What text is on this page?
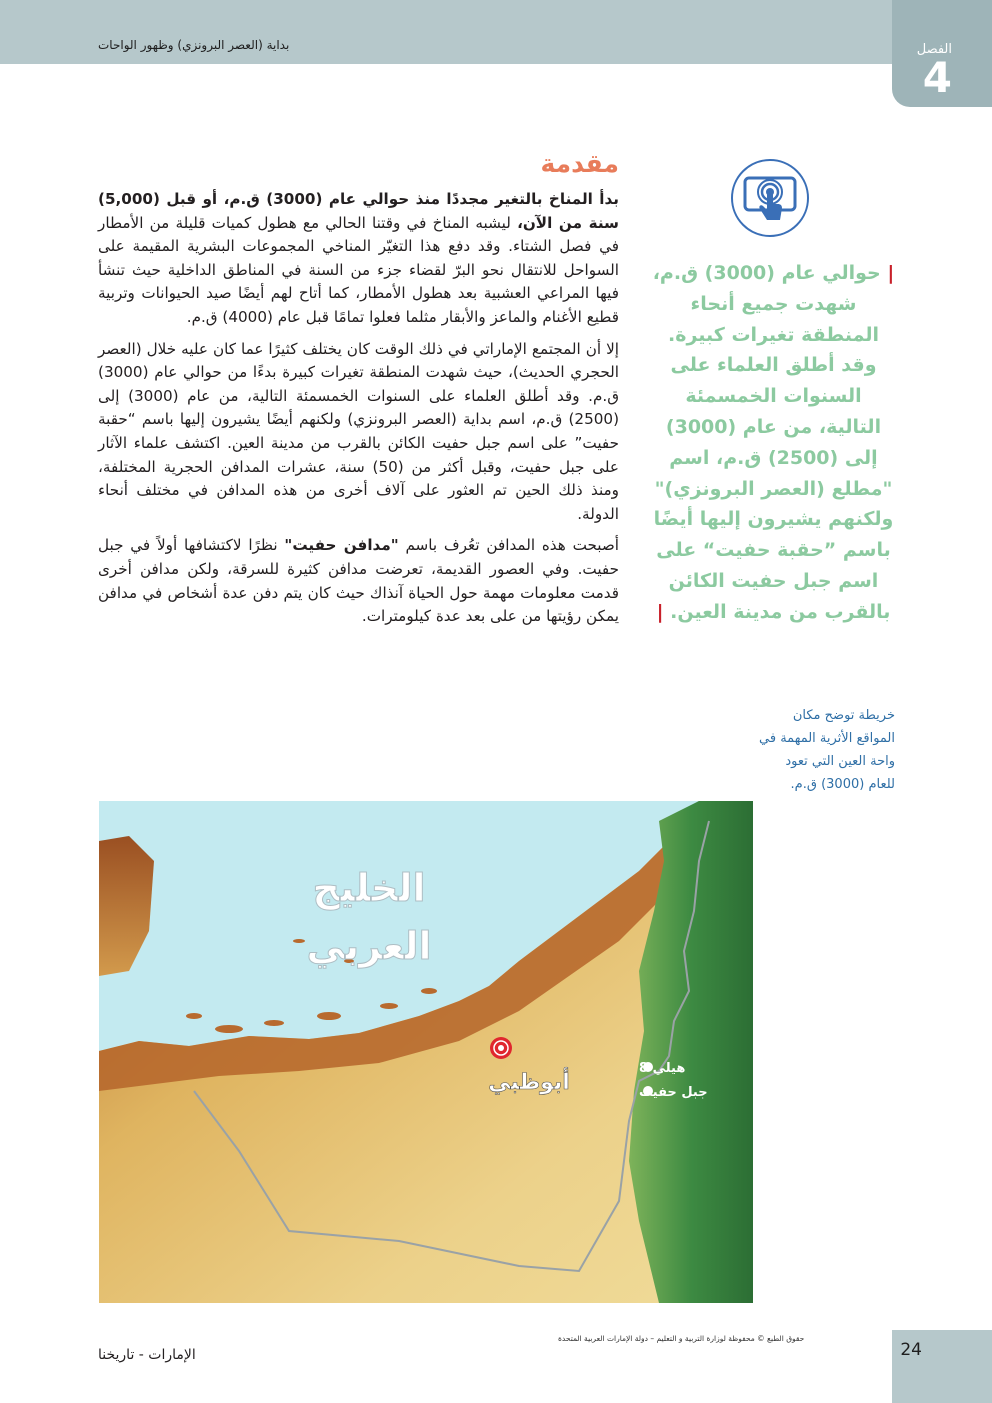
بداية (العصر البرونزي) وظهور الواحات	الفصل
4
مقدمة

بدأ المناخ بالتغير مجددًا منذ حوالي عام (3000) ق.م، أو قبل (5,000) سنة من الآن، ليشبه المناخ في وقتنا الحالي مع هطول كميات قليلة من الأمطار في فصل الشتاء. وقد دفع هذا التغيّر المناخي المجموعات البشرية المقيمة على السواحل للانتقال نحو البرّ لقضاء جزء من السنة في المناطق الداخلية حيث تنشأ فيها المراعي العشبية بعد هطول الأمطار، كما أتاح لهم أيضًا صيد الحيوانات وتربية قطيع الأغنام والماعز والأبقار مثلما فعلوا تمامًا قبل عام (4000) ق.م.

إلا أن المجتمع الإماراتي في ذلك الوقت كان يختلف كثيرًا عما كان عليه خلال (العصر الحجري الحديث)، حيث شهدت المنطقة تغيرات كبيرة بدءًا من حوالي عام (3000) ق.م. وقد أطلق العلماء على السنوات الخمسمئة التالية، من عام (3000) إلى (2500) ق.م، اسم بداية (العصر البرونزي) ولكنهم أيضًا يشيرون إليها باسم “حقبة حفيت” على اسم جبل حفيت الكائن بالقرب من مدينة العين. اكتشف علماء الآثار على جبل حفيت، وقبل أكثر من (50) سنة، عشرات المدافن الحجرية المختلفة، ومنذ ذلك الحين تم العثور على آلاف أخرى من هذه المدافن في مختلف أنحاء الدولة.

أصبحت هذه المدافن تعُرف باسم "مدافن حفيت" نظرًا لاكتشافها أولاً في جبل حفيت. وفي العصور القديمة، تعرضت مدافن كثيرة للسرقة، ولكن مدافن أخرى قدمت معلومات مهمة حول الحياة آنذاك حيث كان يتم دفن عدة أشخاص في مدافن يمكن رؤيتها من على بعد عدة كيلومترات.

| حوالي عام (3000) ق.م، شهدت جميع أنحاء المنطقة تغيرات كبيرة. وقد أطلق العلماء على السنوات الخمسمئة التالية، من عام (3000) إلى (2500) ق.م، اسم "مطلع (العصر البرونزي)" ولكنهم يشيرون إليها أيضًا باسم ”حقبة حفيت“ على اسم جبل حفيت الكائن بالقرب من مدينة العين. |
خريطة توضح مكان المواقع الأثرية المهمة في واحة العين التي تعود للعام (3000) ق.م.
الخليج
العربي
أبوظبي
هيلي 8
جبل حفيت
الإمارات - تاريخنا
حقوق الطبع © محفوظة لوزارة التربية و التعليم – دولة الإمارات العربية المتحدة
24
